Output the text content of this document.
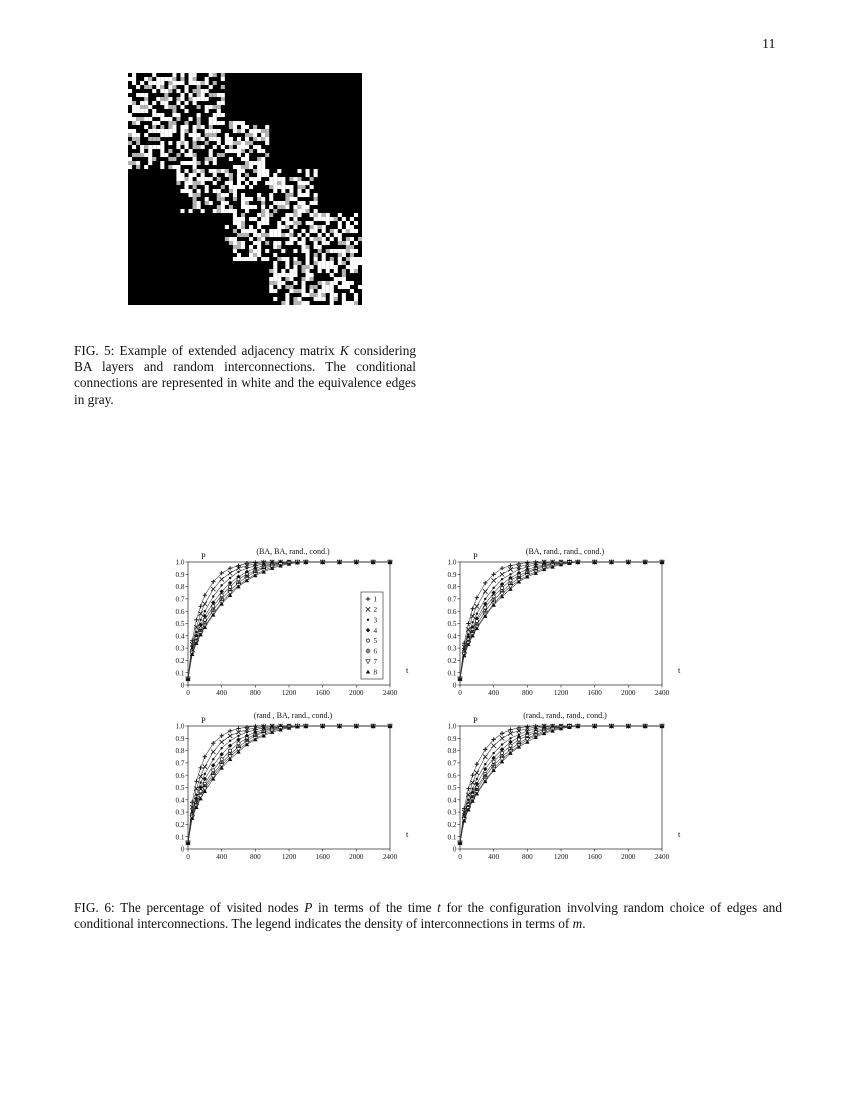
11
FIG. 5: Example of extended adjacency matrix K considering BA layers and random interconnections. The conditional connections are represented in white and the equivalence edges in gray.
(BA, BA, rand., cond.)
P
t
0
0.1
0.2
0.3
0.4
0.5
0.6
0.7
0.8
0.9
1.0
0	400	800	1200	1600	2000	2400
1
2
3
4
5
6
7
8
(BA, rand., rand., cond.)
P
t
0
0.1
0.2
0.3
0.4
0.5
0.6
0.7
0.8
0.9
1.0
0	400	800	1200	1600	2000	2400
(rand , BA, rand., cond.)
P
t
0
0.1
0.2
0.3
0.4
0.5
0.6
0.7
0.8
0.9
1.0
0	400	800	1200	1600	2000	2400
(rand., rand., rand., cond.)
P
t
0
0.1
0.2
0.3
0.4
0.5
0.6
0.7
0.8
0.9
1.0
0	400	800	1200	1600	2000	2400
FIG. 6: The percentage of visited nodes P in terms of the time t for the configuration involving random choice of edges and conditional interconnections. The legend indicates the density of interconnections in terms of m.
